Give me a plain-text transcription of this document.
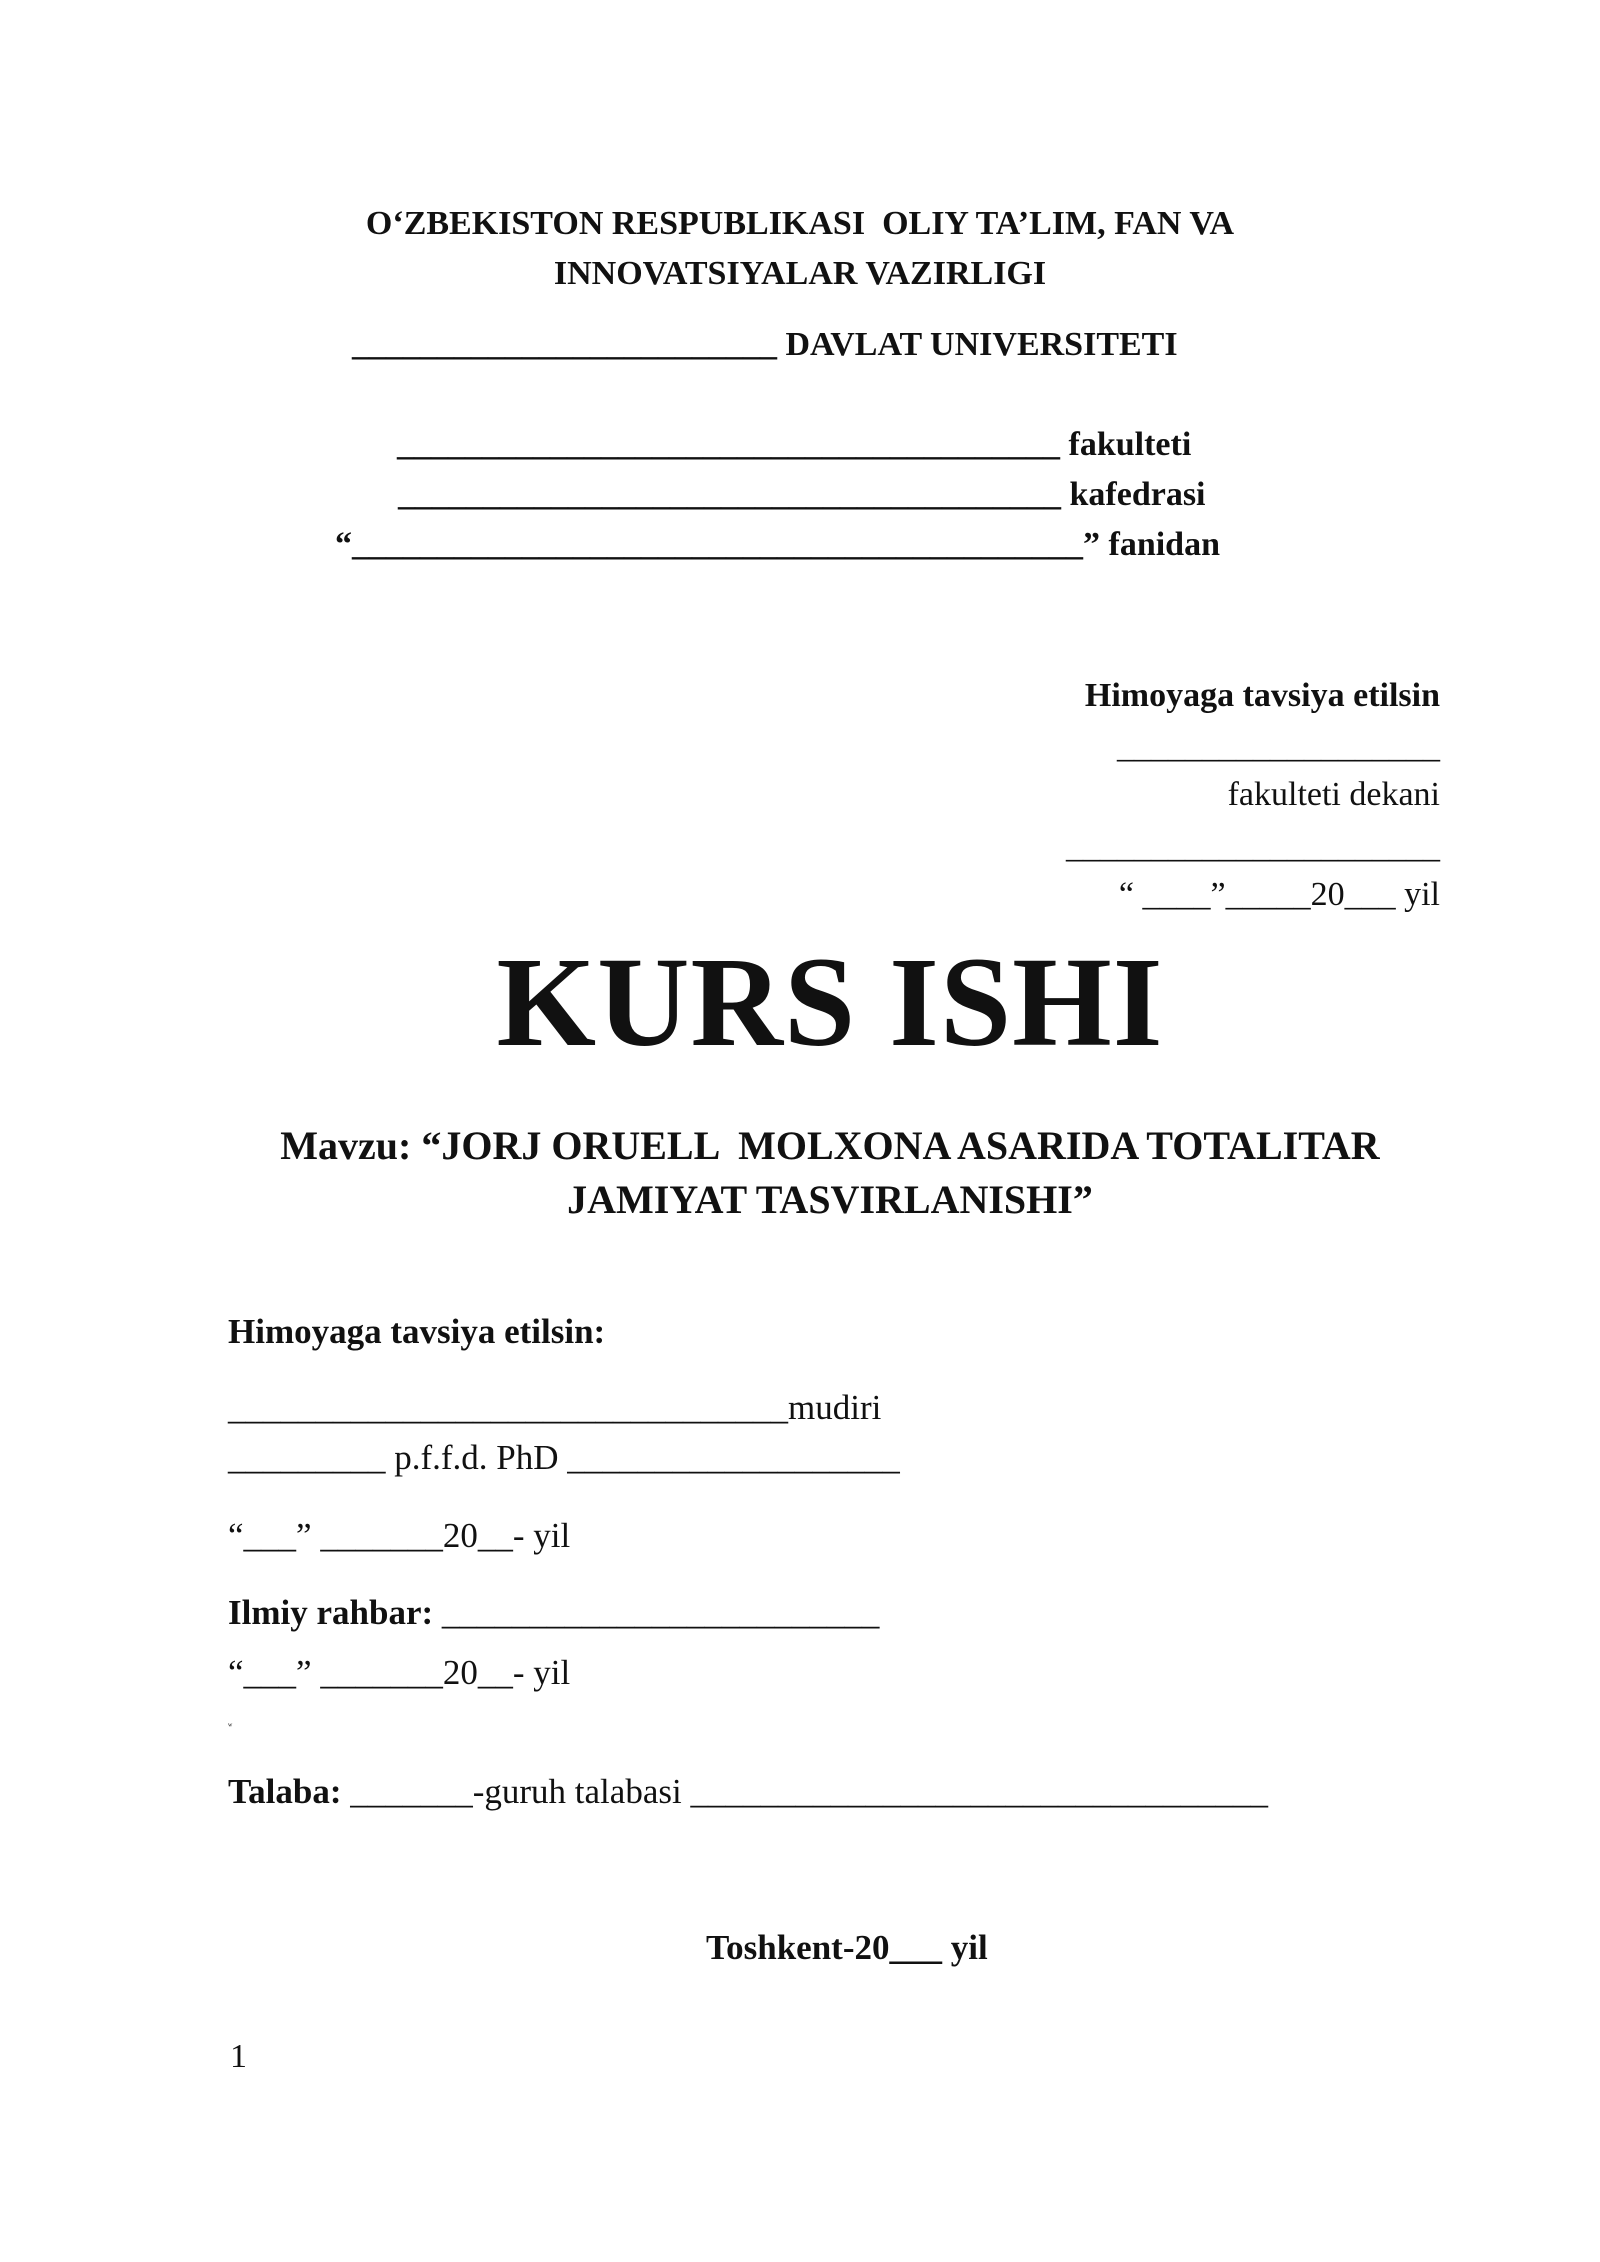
O‘ZBEKISTON RESPUBLIKASI  OLIY TA’LIM, FAN VA
INNOVATSIYALAR VAZIRLIGI
_________________________ DAVLAT UNIVERSITETI
_______________________________________ fakulteti
_______________________________________ kafedrasi
“___________________________________________” fanidan
Himoyaga tavsiya etilsin
___________________
fakulteti dekani
______________________
“ ____”_____20___ yil
KURS ISHI
Mavzu: “JORJ ORUELL  MOLXONA ASARIDA TOTALITAR
JAMIYAT TASVIRLANISHI”
Himoyaga tavsiya etilsin:
________________________________mudiri
_________ p.f.f.d. PhD ___________________
“___” _______20__- yil
Ilmiy rahbar: _________________________
“___” _______20__- yil
ʷ
Talaba: _______-guruh talabasi _________________________________
Toshkent-20___ yil
1
